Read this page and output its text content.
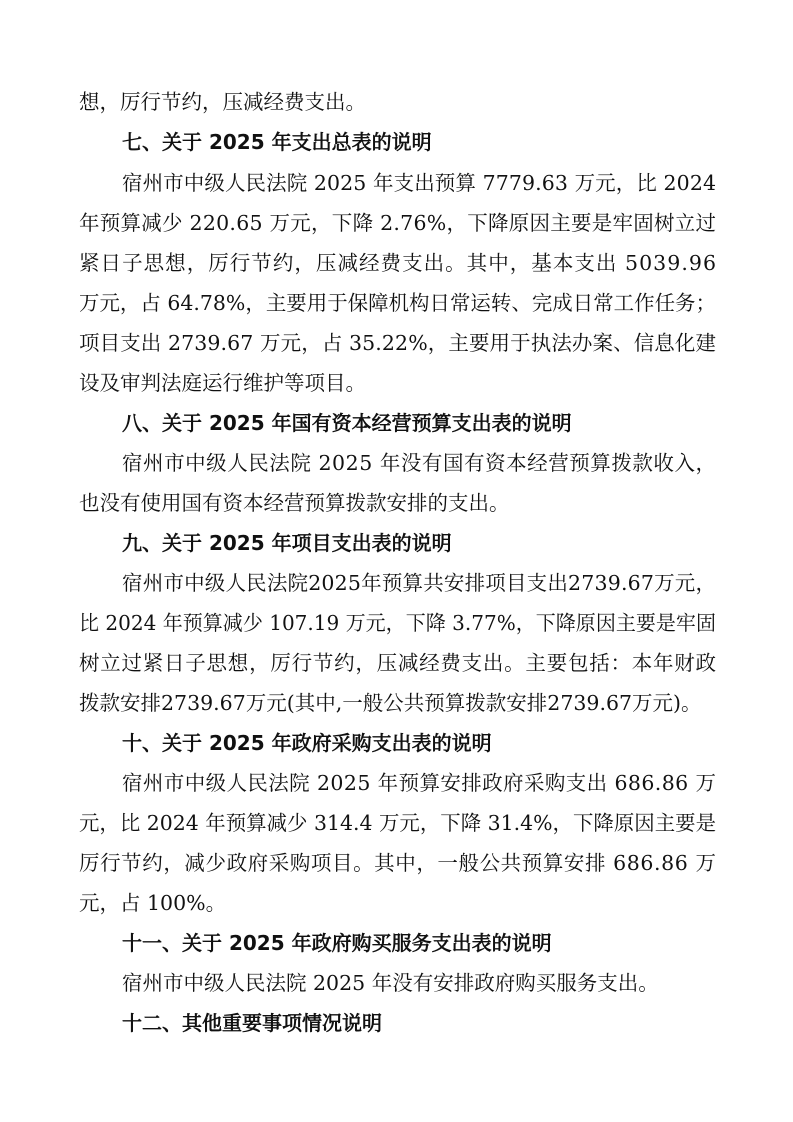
想，厉行节约，压减经费支出。
七、关于 2025 年支出总表的说明
宿州市中级人民法院 2025 年支出预算 7779.63 万元，比 2024
年预算减少 220.65 万元，下降 2.76%，下降原因主要是牢固树立过
紧日子思想，厉行节约，压减经费支出。其中，基本支出 5039.96
万元，占 64.78%，主要用于保障机构日常运转、完成日常工作任务；
项目支出 2739.67 万元，占 35.22%，主要用于执法办案、信息化建
设及审判法庭运行维护等项目。
八、关于 2025 年国有资本经营预算支出表的说明
宿州市中级人民法院 2025 年没有国有资本经营预算拨款收入，
也没有使用国有资本经营预算拨款安排的支出。
九、关于 2025 年项目支出表的说明
宿州市中级人民法院2025年预算共安排项目支出2739.67万元，
比 2024 年预算减少 107.19 万元，下降 3.77%，下降原因主要是牢固
树立过紧日子思想，厉行节约，压减经费支出。主要包括：本年财政
拨款安排2739.67万元(其中,一般公共预算拨款安排2739.67万元)。
十、关于 2025 年政府采购支出表的说明
宿州市中级人民法院 2025 年预算安排政府采购支出 686.86 万
元，比 2024 年预算减少 314.4 万元，下降 31.4%，下降原因主要是
厉行节约，减少政府采购项目。其中，一般公共预算安排 686.86 万
元，占 100%。
十一、关于 2025 年政府购买服务支出表的说明
宿州市中级人民法院 2025 年没有安排政府购买服务支出。
十二、其他重要事项情况说明
